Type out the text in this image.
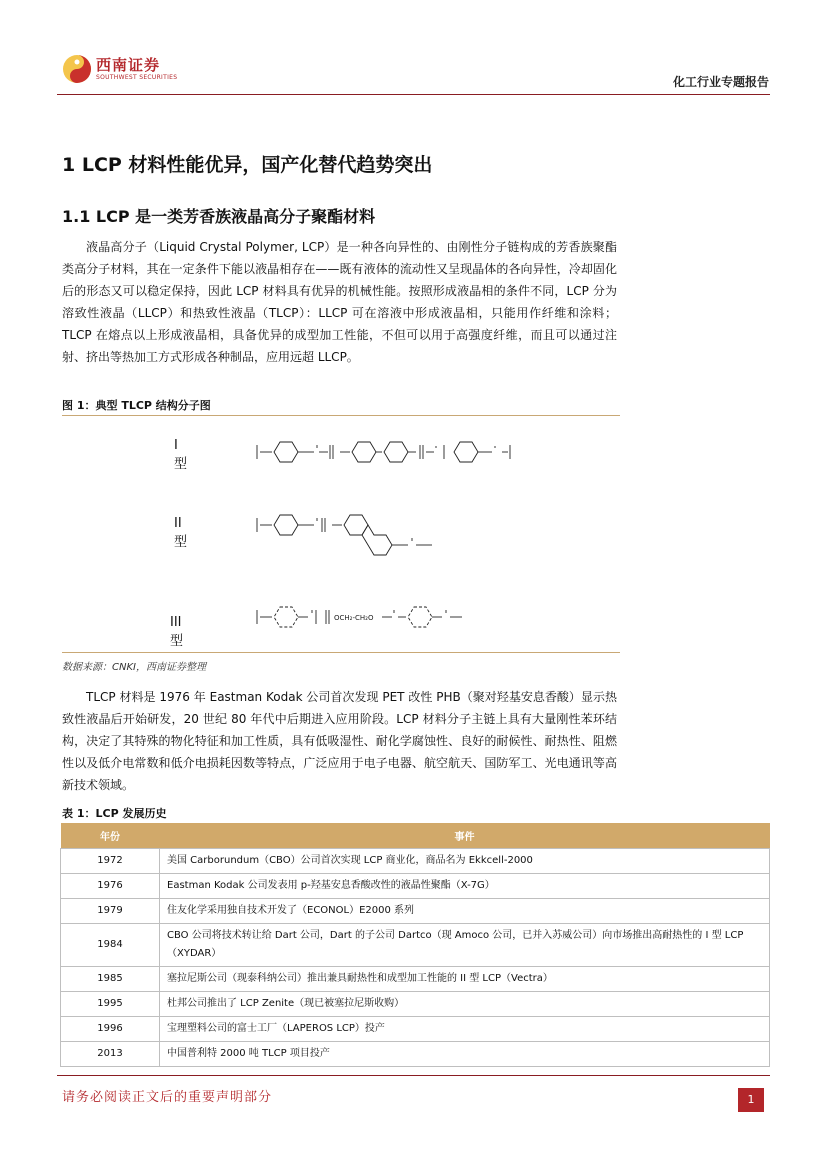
西南证券
SOUTHWEST SECURITIES	化工行业专题报告
1 LCP 材料性能优异，国产化替代趋势突出
1.1 LCP 是一类芳香族液晶高分子聚酯材料

液晶高分子（Liquid Crystal Polymer, LCP）是一种各向异性的、由刚性分子链构成的芳香族聚酯类高分子材料，其在一定条件下能以液晶相存在——既有液体的流动性又呈现晶体的各向异性，冷却固化后的形态又可以稳定保持，因此 LCP 材料具有优异的机械性能。按照形成液晶相的条件不同，LCP 分为溶致性液晶（LLCP）和热致性液晶（TLCP）：LLCP 可在溶液中形成液晶相，只能用作纤维和涂料；TLCP 在熔点以上形成液晶相，具备优异的成型加工性能，不但可以用于高强度纤维，而且可以通过注射、挤出等热加工方式形成各种制品，应用远超 LLCP。

图 1：典型 TLCP 结构分子图
I型
II型
III型
OCH₂-CH₂O
数据来源：CNKI，西南证券整理

TLCP 材料是 1976 年 Eastman Kodak 公司首次发现 PET 改性 PHB（聚对羟基安息香酸）显示热致性液晶后开始研发，20 世纪 80 年代中后期进入应用阶段。LCP 材料分子主链上具有大量刚性苯环结构，决定了其特殊的物化特征和加工性质，具有低吸湿性、耐化学腐蚀性、良好的耐候性、耐热性、阻燃性以及低介电常数和低介电损耗因数等特点，广泛应用于电子电器、航空航天、国防军工、光电通讯等高新技术领域。

表 1：LCP 发展历史
年份	事件
1972	美国 Carborundum（CBO）公司首次实现 LCP 商业化，商品名为 Ekkcell-2000
1976	Eastman Kodak 公司发表用 p-羟基安息香酸改性的液晶性聚酯（X-7G）
1979	住友化学采用独自技术开发了（ECONOL）E2000 系列
1984	CBO 公司将技术转让给 Dart 公司，Dart 的子公司 Dartco（现 Amoco 公司，已并入苏威公司）向市场推出高耐热性的 I 型 LCP（XYDAR）
1985	塞拉尼斯公司（现泰科纳公司）推出兼具耐热性和成型加工性能的 II 型 LCP（Vectra）
1995	杜邦公司推出了 LCP Zenite（现已被塞拉尼斯收购）
1996	宝理塑料公司的富士工厂（LAPEROS LCP）投产
2013	中国普利特 2000 吨 TLCP 项目投产
请务必阅读正文后的重要声明部分	1
